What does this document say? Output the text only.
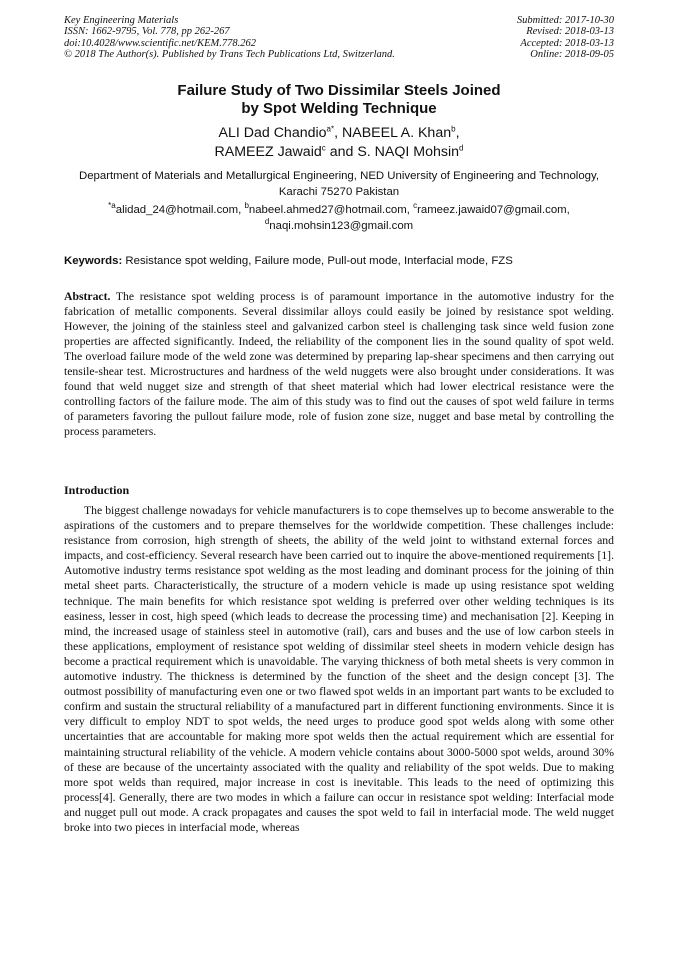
Key Engineering Materials
ISSN: 1662-9795, Vol. 778, pp 262-267
doi:10.4028/www.scientific.net/KEM.778.262
© 2018 The Author(s). Published by Trans Tech Publications Ltd, Switzerland.
Submitted: 2017-10-30
Revised: 2018-03-13
Accepted: 2018-03-13
Online: 2018-09-05
Failure Study of Two Dissimilar Steels Joined
by Spot Welding Technique
ALI Dad Chandio$^{a*}$, NABEEL A. Khan$^b$,
RAMEEZ Jawaid$^c$ and S. NAQI Mohsin$^d$
Department of Materials and Metallurgical Engineering, NED University of Engineering and Technology, Karachi 75270 Pakistan
$^{*a}$alidad_24@hotmail.com, $^b$nabeel.ahmed27@hotmail.com, $^c$rameez.jawaid07@gmail.com,
$^d$naqi.mohsin123@gmail.com
Keywords: Resistance spot welding, Failure mode, Pull-out mode, Interfacial mode, FZS

Abstract. The resistance spot welding process is of paramount importance in the automotive industry for the fabrication of metallic components. Several dissimilar alloys could easily be joined by resistance spot welding. However, the joining of the stainless steel and galvanized carbon steel is challenging task since weld fusion zone properties are affected significantly. Indeed, the reliability of the component lies in the sound quality of spot weld. The overload failure mode of the weld zone was determined by preparing lap-shear specimens and then carrying out tensile-shear test. Microstructures and hardness of the weld nuggets were also brought under considerations. It was found that weld nugget size and strength of that sheet material which had lower electrical resistance were the controlling factors of the failure mode. The aim of this study was to find out the causes of spot weld failure in terms of parameters favoring the pullout failure mode, role of fusion zone size, nugget and base metal by controlling the process parameters.

Introduction

The biggest challenge nowadays for vehicle manufacturers is to cope themselves up to become answerable to the aspirations of the customers and to prepare themselves for the worldwide competition. These challenges include: resistance from corrosion, high strength of sheets, the ability of the weld joint to withstand external forces and impacts, and cost-efficiency. Several research have been carried out to inquire the above-mentioned requirements [1]. Automotive industry terms resistance spot welding as the most leading and dominant process for the joining of thin metal sheet parts. Characteristically, the structure of a modern vehicle is made up using resistance spot welding technique. The main benefits for which resistance spot welding is preferred over other welding techniques is its easiness, lesser in cost, high speed (which leads to decrease the processing time) and mechanisation [2]. Keeping in mind, the increased usage of stainless steel in automotive (rail), cars and buses and the use of low carbon steels in these applications, employment of resistance spot welding of dissimilar steel sheets in modern vehicle design has become a practical requirement which is unavoidable. The varying thickness of both metal sheets is very common in automotive industry. The thickness is determined by the function of the sheet and the design concept [3]. The outmost possibility of manufacturing even one or two flawed spot welds in an important part wants to be excluded to confirm and sustain the structural reliability of a manufactured part in different functioning environments. Since it is very difficult to employ NDT to spot welds, the need urges to produce good spot welds along with some other uncertainties that are accountable for making more spot welds then the actual requirement which are essential for maintaining structural reliability of the vehicle. A modern vehicle contains about 3000-5000 spot welds, around 30% of these are because of the uncertainty associated with the quality and reliability of the spot welds. Due to making more spot welds than required, major increase in cost is inevitable. This leads to the need of optimizing this process[4]. Generally, there are two modes in which a failure can occur in resistance spot welding: Interfacial mode and nugget pull out mode. A crack propagates and causes the spot weld to fail in interfacial mode. The weld nugget broke into two pieces in interfacial mode, whereas
